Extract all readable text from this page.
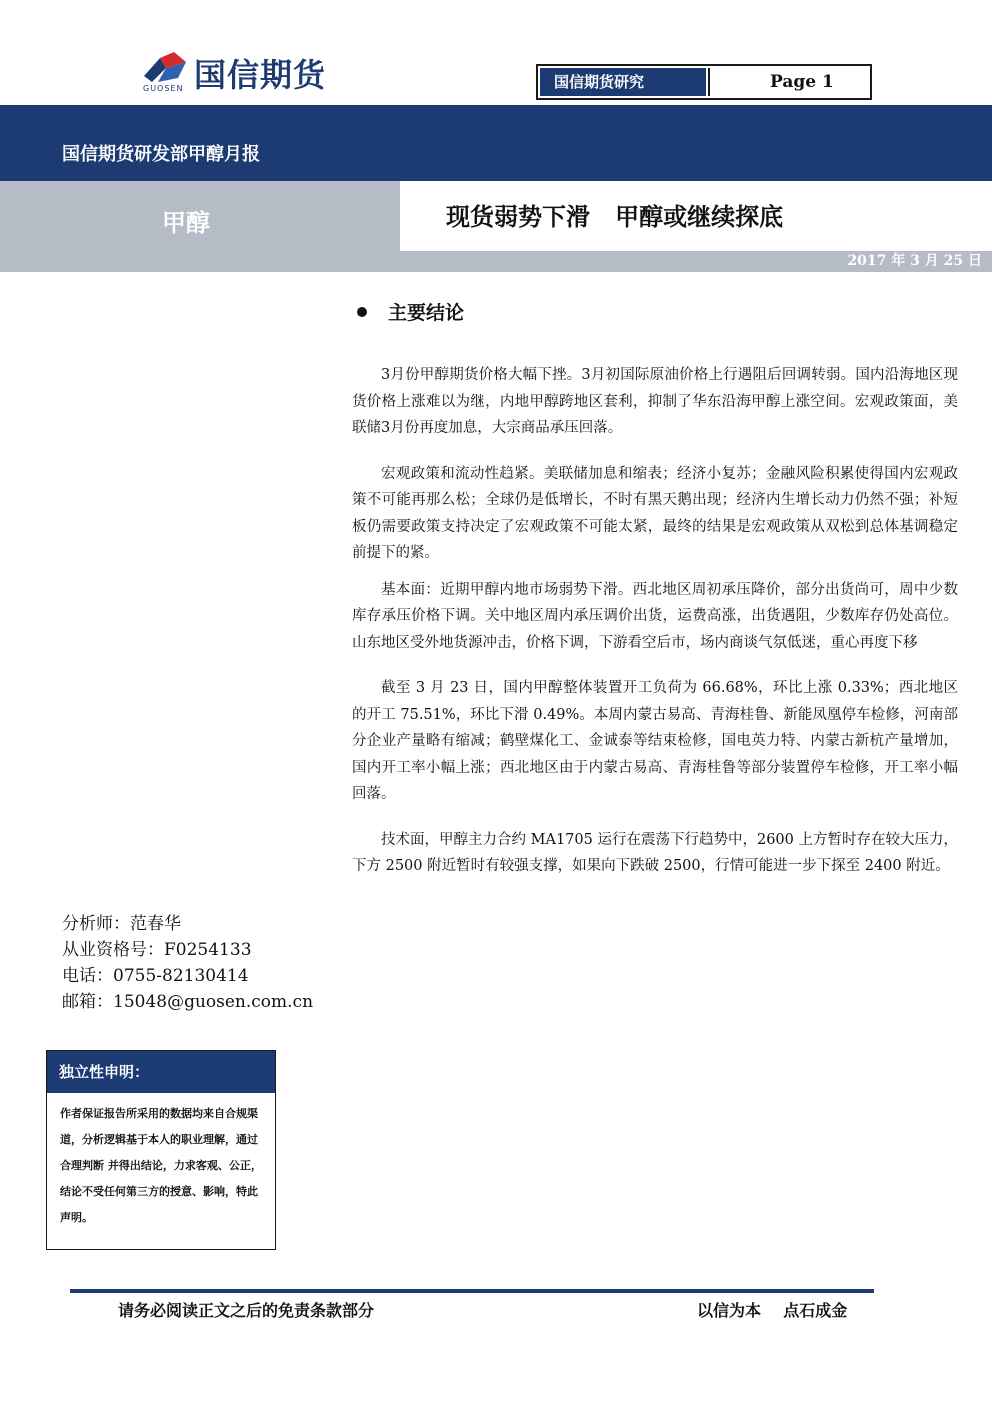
国信期货
GUOSEN	国信期货研究	Page 1
国信期货研发部甲醇月报
甲醇	现货弱势下滑   甲醇或继续探底
2017 年 3 月 25 日
主要结论

3月份甲醇期货价格大幅下挫。3月初国际原油价格上行遇阻后回调转弱。国内沿海地区现货价格上涨难以为继，内地甲醇跨地区套利，抑制了华东沿海甲醇上涨空间。宏观政策面，美联储3月份再度加息，大宗商品承压回落。

宏观政策和流动性趋紧。美联储加息和缩表；经济小复苏；金融风险积累使得国内宏观政策不可能再那么松；全球仍是低增长，不时有黑天鹅出现；经济内生增长动力仍然不强；补短板仍需要政策支持决定了宏观政策不可能太紧，最终的结果是宏观政策从双松到总体基调稳定前提下的紧。

基本面：近期甲醇内地市场弱势下滑。西北地区周初承压降价，部分出货尚可，周中少数库存承压价格下调。关中地区周内承压调价出货，运费高涨，出货遇阻，少数库存仍处高位。山东地区受外地货源冲击，价格下调，下游看空后市，场内商谈气氛低迷，重心再度下移

截至 3 月 23 日，国内甲醇整体装置开工负荷为 66.68%，环比上涨 0.33%；西北地区的开工 75.51%，环比下滑 0.49%。本周内蒙古易高、青海桂鲁、新能凤凰停车检修，河南部分企业产量略有缩减；鹤壁煤化工、金诚泰等结束检修，国电英力特、内蒙古新杭产量增加，国内开工率小幅上涨；西北地区由于内蒙古易高、青海桂鲁等部分装置停车检修，开工率小幅回落。

技术面，甲醇主力合约 MA1705 运行在震荡下行趋势中，2600 上方暂时存在较大压力，下方 2500 附近暂时有较强支撑，如果向下跌破 2500，行情可能进一步下探至 2400 附近。

分析师：范春华
从业资格号：F0254133
电话：0755-82130414
邮箱：15048@guosen.com.cn
独立性申明：
作者保证报告所采用的数据均来自合规渠道，分析逻辑基于本人的职业理解，通过合理判断 并得出结论，力求客观、公正，结论不受任何第三方的授意、影响，特此声明。
请务必阅读正文之后的免责条款部分	以信为本    点石成金
